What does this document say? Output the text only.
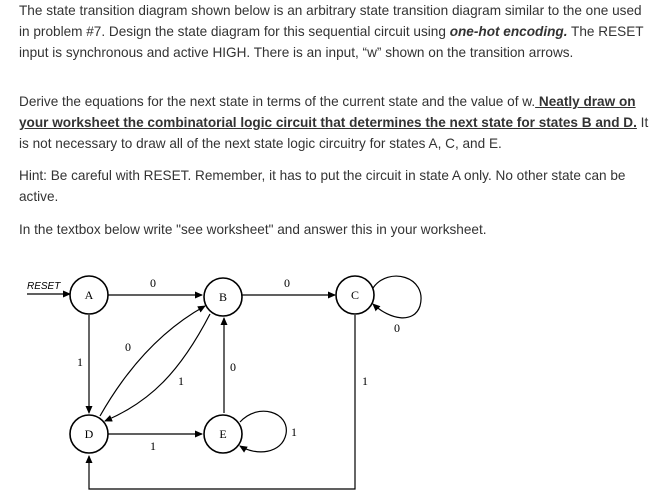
The state transition diagram shown below is an arbitrary state transition diagram similar to the one used in problem #7. Design the state diagram for this sequential circuit using one-hot encoding. The RESET input is synchronous and active HIGH. There is an input, “w” shown on the transition arrows.

Derive the equations for the next state in terms of the current state and the value of w. Neatly draw on your worksheet the combinatorial logic circuit that determines the next state for states B and D. It is not necessary to draw all of the next state logic circuitry for states A, C, and E.

Hint: Be careful with RESET. Remember, it has to put the circuit in state A only. No other state can be active.

In the textbox below write "see worksheet" and answer this in your worksheet.

RESET	0	0
0
1
0
1
0
1
1
1
A	B	C
D	E
